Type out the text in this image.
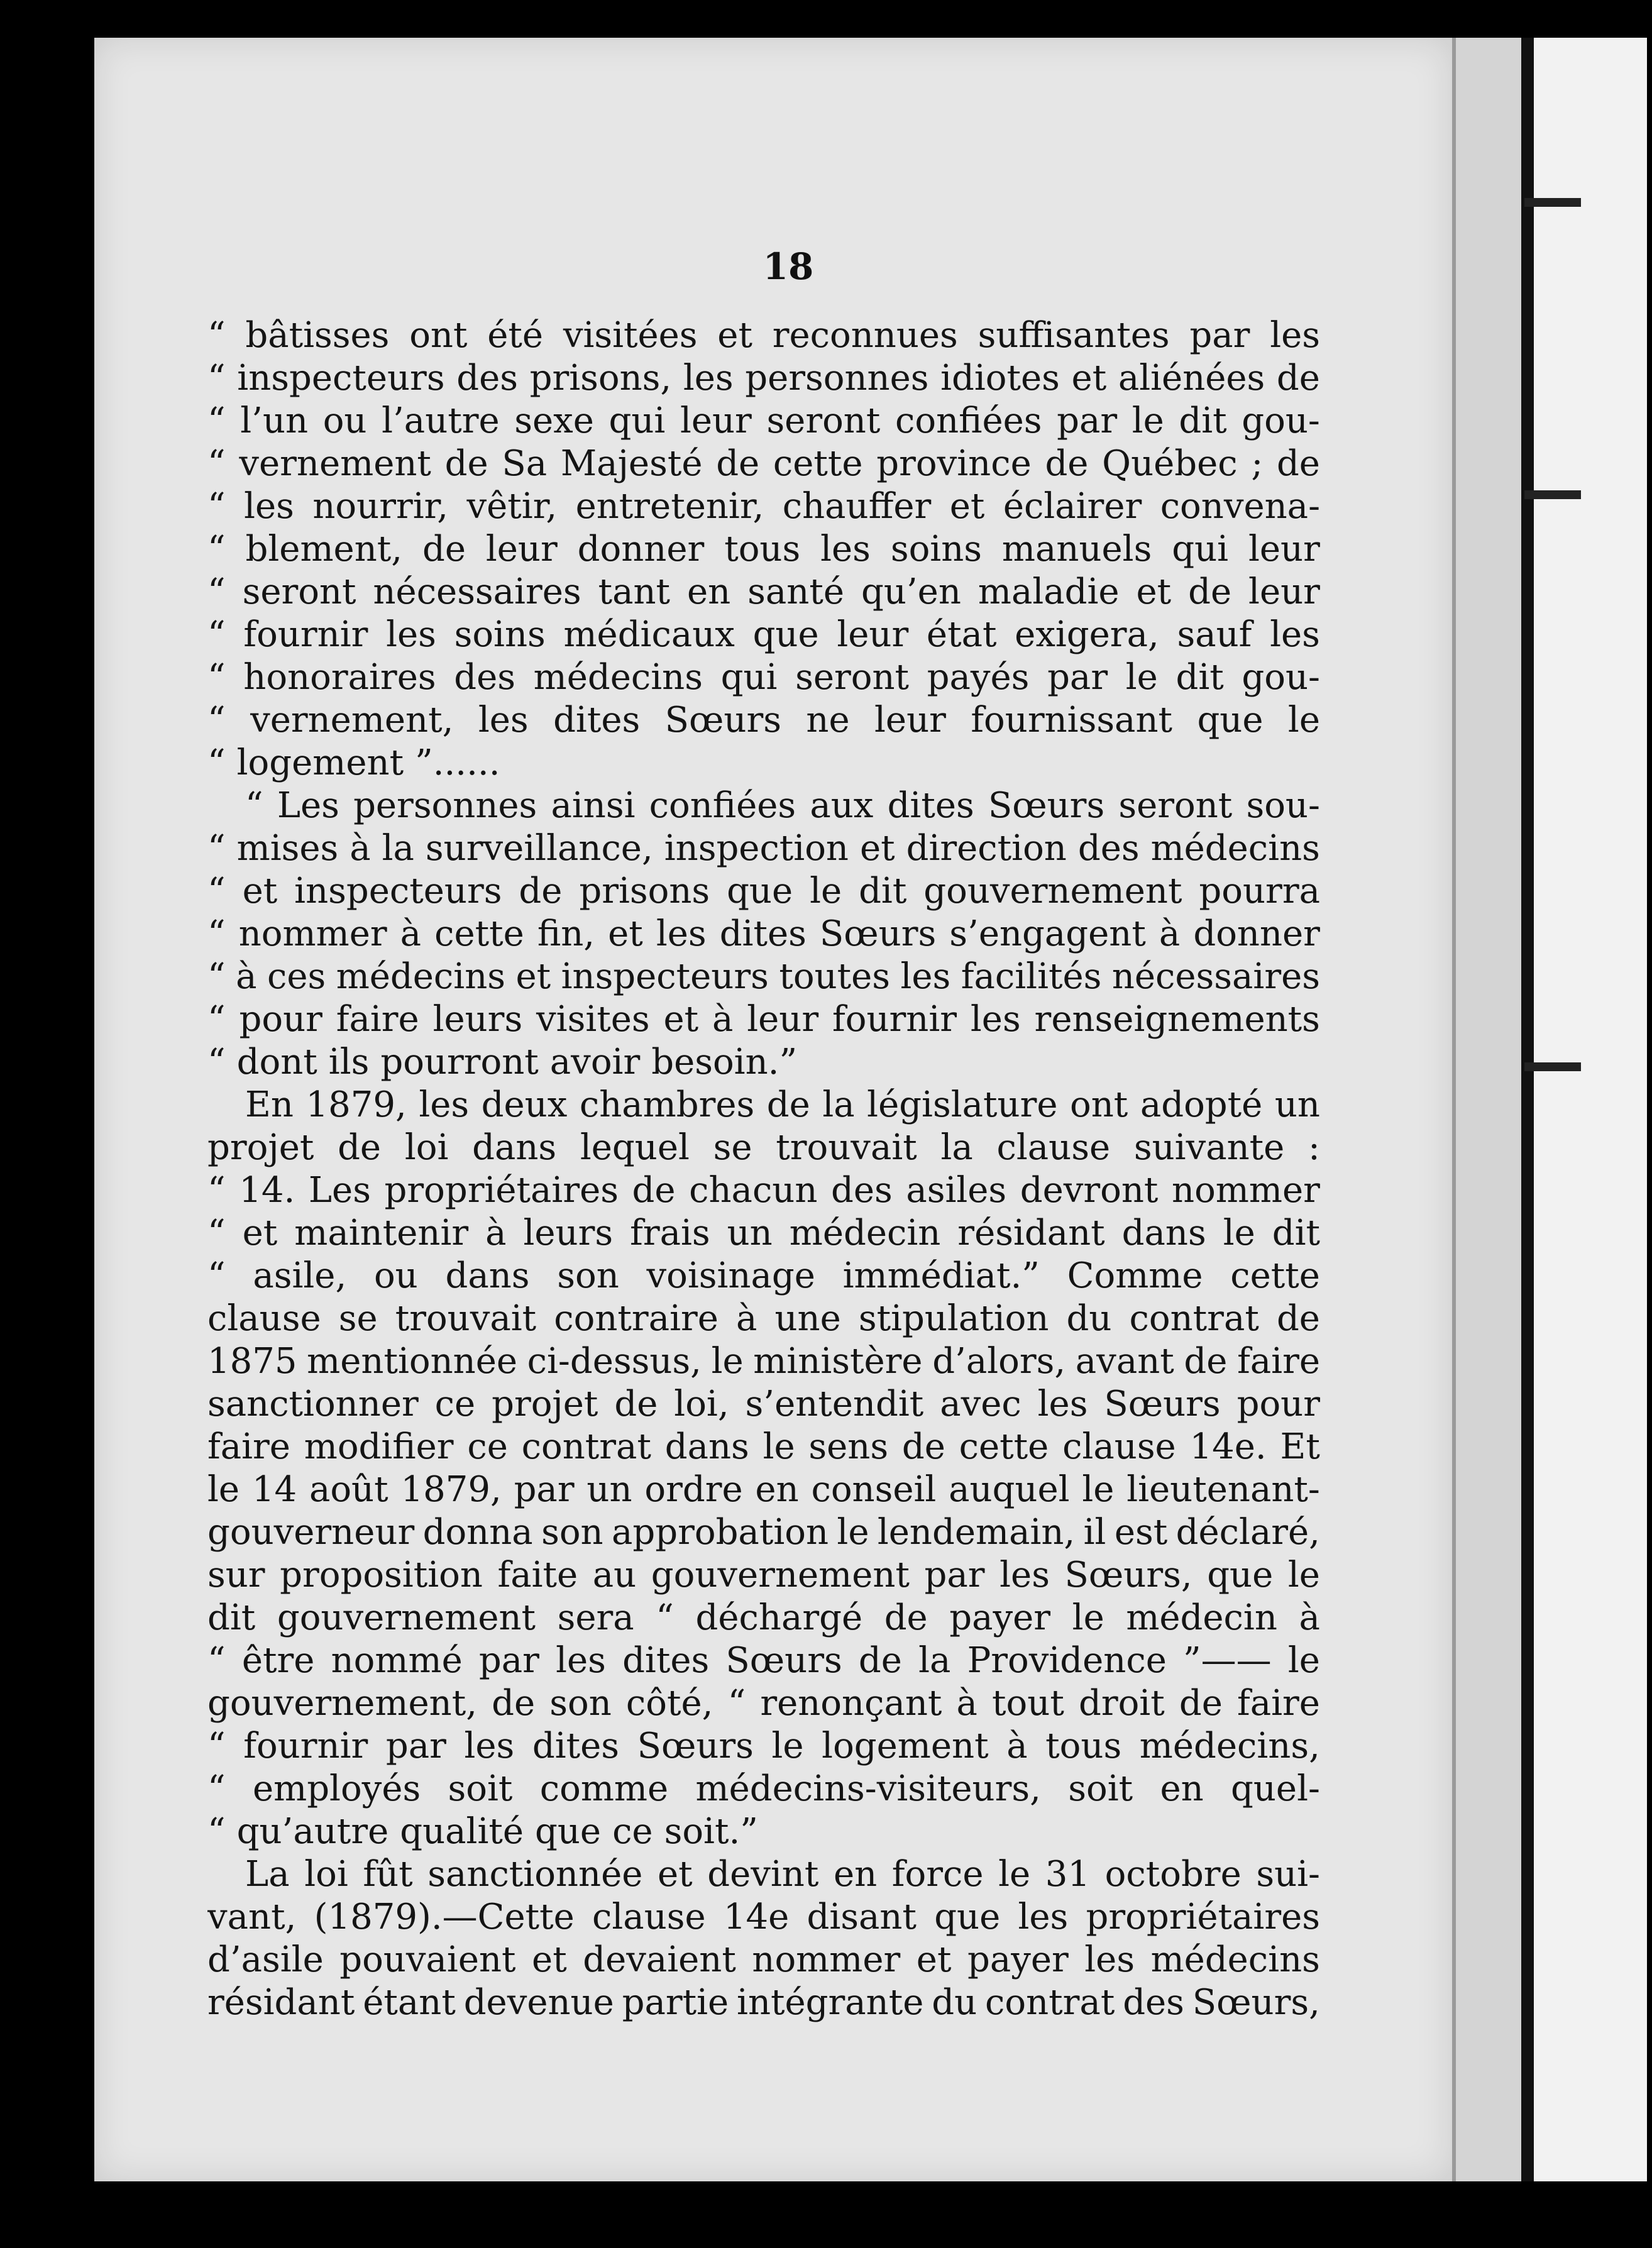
18
“ bâtisses ont été visitées et reconnues suffisantes par les
“ inspecteurs des prisons, les personnes idiotes et aliénées de
“ l’un ou l’autre sexe qui leur seront confiées par le dit gou-
“ vernement de Sa Majesté de cette province de Québec ; de
“ les nourrir, vêtir, entretenir, chauffer et éclairer convena-
“ blement, de leur donner tous les soins manuels qui leur
“ seront nécessaires tant en santé qu’en maladie et de leur
“ fournir les soins médicaux que leur état exigera, sauf les
“ honoraires des médecins qui seront payés par le dit gou-
“ vernement, les dites Sœurs ne leur fournissant que le
“ logement ”......
“ Les personnes ainsi confiées aux dites Sœurs seront sou-
“ mises à la surveillance, inspection et direction des médecins
“ et inspecteurs de prisons que le dit gouvernement pourra
“ nommer à cette fin, et les dites Sœurs s’engagent à donner
“ à ces médecins et inspecteurs toutes les facilités nécessaires
“ pour faire leurs visites et à leur fournir les renseignements
“ dont ils pourront avoir besoin.”
En 1879, les deux chambres de la législature ont adopté un
projet de loi dans lequel se trouvait la clause suivante :
“ 14. Les propriétaires de chacun des asiles devront nommer
“ et maintenir à leurs frais un médecin résidant dans le dit
“ asile, ou dans son voisinage immédiat.” Comme cette
clause se trouvait contraire à une stipulation du contrat de
1875 mentionnée ci-dessus, le ministère d’alors, avant de faire
sanctionner ce projet de loi, s’entendit avec les Sœurs pour
faire modifier ce contrat dans le sens de cette clause 14e. Et
le 14 août 1879, par un ordre en conseil auquel le lieutenant-
gouverneur donna son approbation le lendemain, il est déclaré,
sur proposition faite au gouvernement par les Sœurs, que le
dit gouvernement sera “ déchargé de payer le médecin à
“ être nommé par les dites Sœurs de la Providence ”—— le
gouvernement, de son côté, “ renonçant à tout droit de faire
“ fournir par les dites Sœurs le logement à tous médecins,
“ employés soit comme médecins-visiteurs, soit en quel-
“ qu’autre qualité que ce soit.”
La loi fût sanctionnée et devint en force le 31 octobre sui-
vant, (1879).—Cette clause 14e disant que les propriétaires
d’asile pouvaient et devaient nommer et payer les médecins
résidant étant devenue partie intégrante du contrat des Sœurs,
